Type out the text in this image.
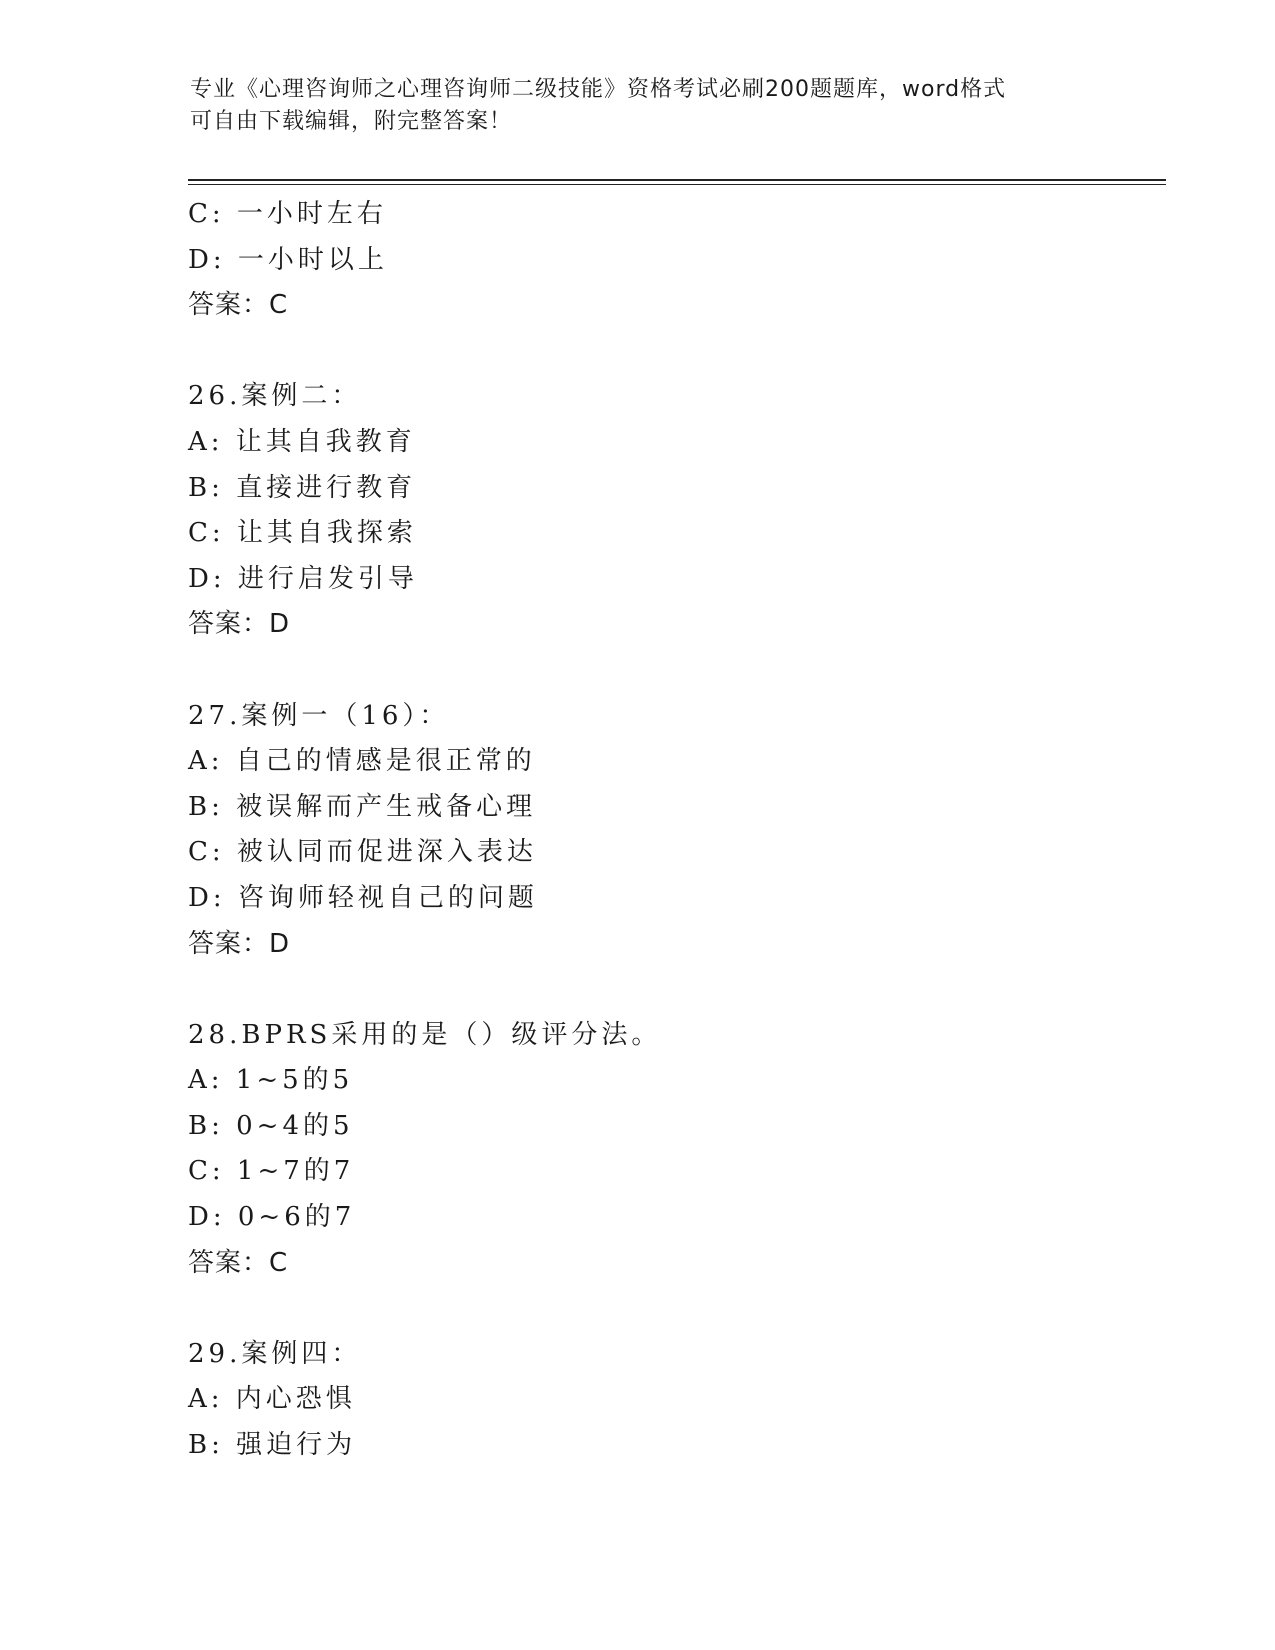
专业《心理咨询师之心理咨询师二级技能》资格考试必刷200题题库，word格式
可自由下载编辑，附完整答案！
C: 一小时左右
D: 一小时以上
答案：C
26.案例二：
A: 让其自我教育
B: 直接进行教育
C: 让其自我探索
D: 进行启发引导
答案：D
27.案例一（16）：
A: 自己的情感是很正常的
B: 被误解而产生戒备心理
C: 被认同而促进深入表达
D: 咨询师轻视自己的问题
答案：D
28.BPRS采用的是（）级评分法。
A: 1~5的5
B: 0~4的5
C: 1~7的7
D: 0~6的7
答案：C
29.案例四：
A: 内心恐惧
B: 强迫行为
